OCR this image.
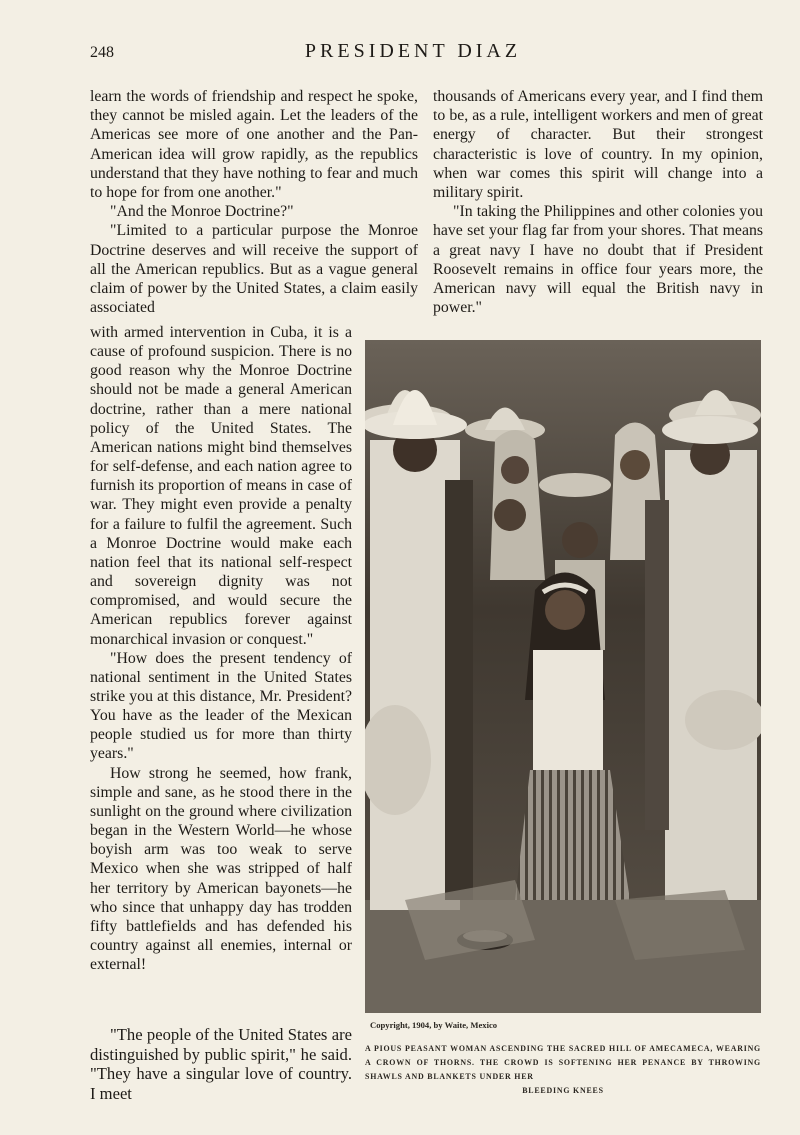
248	PRESIDENT DIAZ

learn the words of friendship and respect he spoke, they cannot be misled again. Let the leaders of the Americas see more of one another and the Pan-American idea will grow rapidly, as the republics understand that they have nothing to fear and much to hope for from one another."

"And the Monroe Doctrine?"

"Limited to a particular purpose the Monroe Doctrine deserves and will receive the support of all the American republics. But as a vague general claim of power by the United States, a claim easily associated

with armed intervention in Cuba, it is a cause of profound suspicion. There is no good reason why the Monroe Doctrine should not be made a general American doctrine, rather than a mere national policy of the United States. The American nations might bind themselves for self-defense, and each nation agree to furnish its proportion of means in case of war. They might even provide a penalty for a failure to fulfil the agreement. Such a Monroe Doctrine would make each nation feel that its national self-respect and sovereign dignity was not compromised, and would secure the American republics forever against monarchical invasion or conquest."

"How does the present tendency of national sentiment in the United States strike you at this distance, Mr. President? You have as the leader of the Mexican people studied us for more than thirty years."

How strong he seemed, how frank, simple and sane, as he stood there in the sunlight on the ground where civilization began in the Western World—he whose boyish arm was too weak to serve Mexico when she was stripped of half her territory by American bayonets—he who since that unhappy day has trodden fifty battlefields and has defended his country against all enemies, internal or external!

"The people of the United States are distinguished by public spirit," he said. "They have a singular love of country. I meet

thousands of Americans every year, and I find them to be, as a rule, intelligent workers and men of great energy of character. But their strongest characteristic is love of country. In my opinion, when war comes this spirit will change into a military spirit.

"In taking the Philippines and other colonies you have set your flag far from your shores. That means a great navy I have no doubt that if President Roosevelt remains in office four years more, the American navy will equal the British navy in power."

Copyright, 1904, by Waite, Mexico
A PIOUS PEASANT WOMAN ASCENDING THE SACRED HILL OF AMECAMECA, WEARING A CROWN OF THORNS. THE CROWD IS SOFTENING HER PENANCE BY THROWING SHAWLS AND BLANKETS UNDER HER
BLEEDING KNEES
